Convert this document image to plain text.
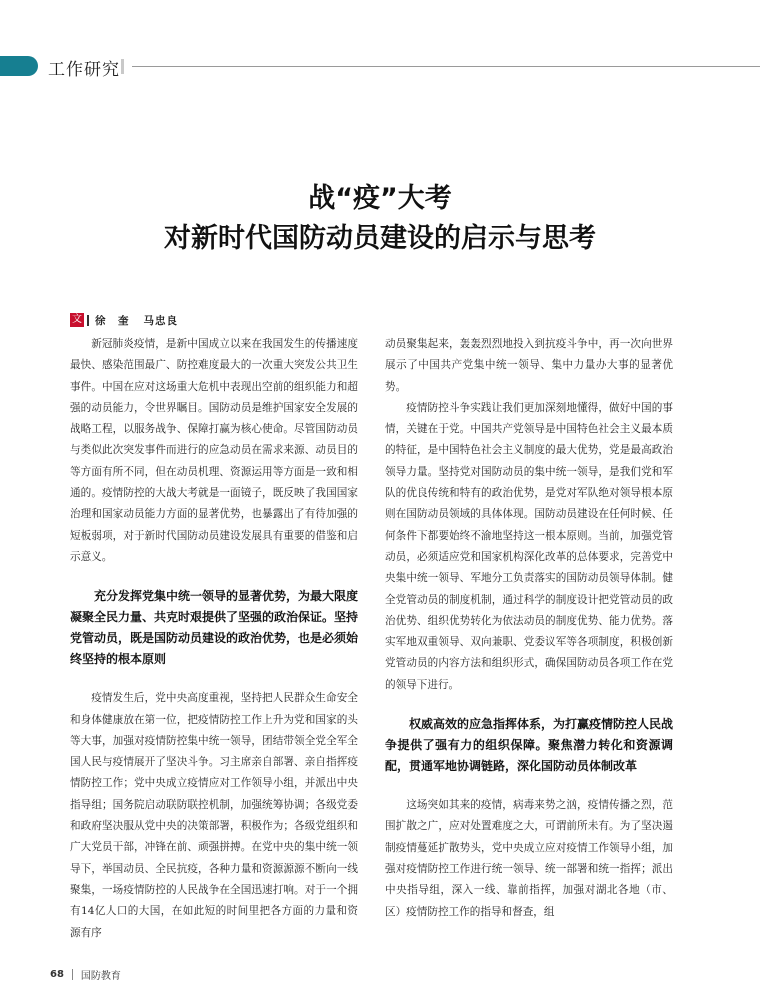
工作研究
战“疫”大考
对新时代国防动员建设的启示与思考
文 徐　奎 马忠良

新冠肺炎疫情，是新中国成立以来在我国发生的传播速度最快、感染范围最广、防控难度最大的一次重大突发公共卫生事件。中国在应对这场重大危机中表现出空前的组织能力和超强的动员能力，令世界瞩目。国防动员是维护国家安全发展的战略工程，以服务战争、保障打赢为核心使命。尽管国防动员与类似此次突发事件而进行的应急动员在需求来源、动员目的等方面有所不同，但在动员机理、资源运用等方面是一致和相通的。疫情防控的大战大考就是一面镜子，既反映了我国国家治理和国家动员能力方面的显著优势，也暴露出了有待加强的短板弱项，对于新时代国防动员建设发展具有重要的借鉴和启示意义。

充分发挥党集中统一领导的显著优势，为最大限度凝聚全民力量、共克时艰提供了坚强的政治保证。坚持党管动员，既是国防动员建设的政治优势，也是必须始终坚持的根本原则

疫情发生后，党中央高度重视，坚持把人民群众生命安全和身体健康放在第一位，把疫情防控工作上升为党和国家的头等大事，加强对疫情防控集中统一领导，团结带领全党全军全国人民与疫情展开了坚决斗争。习主席亲自部署、亲自指挥疫情防控工作；党中央成立疫情应对工作领导小组，并派出中央指导组；国务院启动联防联控机制，加强统筹协调；各级党委和政府坚决服从党中央的决策部署，积极作为；各级党组织和广大党员干部，冲锋在前、顽强拼搏。在党中央的集中统一领导下，举国动员、全民抗疫，各种力量和资源源源不断向一线聚集，一场疫情防控的人民战争在全国迅速打响。对于一个拥有14亿人口的大国，在如此短的时间里把各方面的力量和资源有序

动员聚集起来，轰轰烈烈地投入到抗疫斗争中，再一次向世界展示了中国共产党集中统一领导、集中力量办大事的显著优势。

疫情防控斗争实践让我们更加深刻地懂得，做好中国的事情，关键在于党。中国共产党领导是中国特色社会主义最本质的特征，是中国特色社会主义制度的最大优势，党是最高政治领导力量。坚持党对国防动员的集中统一领导，是我们党和军队的优良传统和特有的政治优势，是党对军队绝对领导根本原则在国防动员领域的具体体现。国防动员建设在任何时候、任何条件下都要始终不渝地坚持这一根本原则。当前，加强党管动员，必须适应党和国家机构深化改革的总体要求，完善党中央集中统一领导、军地分工负责落实的国防动员领导体制。健全党管动员的制度机制，通过科学的制度设计把党管动员的政治优势、组织优势转化为依法动员的制度优势、能力优势。落实军地双重领导、双向兼职、党委议军等各项制度，积极创新党管动员的内容方法和组织形式，确保国防动员各项工作在党的领导下进行。

权威高效的应急指挥体系，为打赢疫情防控人民战争提供了强有力的组织保障。聚焦潜力转化和资源调配，贯通军地协调链路，深化国防动员体制改革

这场突如其来的疫情，病毒来势之汹，疫情传播之烈，范围扩散之广，应对处置难度之大，可谓前所未有。为了坚决遏制疫情蔓延扩散势头，党中央成立应对疫情工作领导小组，加强对疫情防控工作进行统一领导、统一部署和统一指挥；派出中央指导组，深入一线、靠前指挥，加强对湖北各地（市、区）疫情防控工作的指导和督查，组

68 国防教育
